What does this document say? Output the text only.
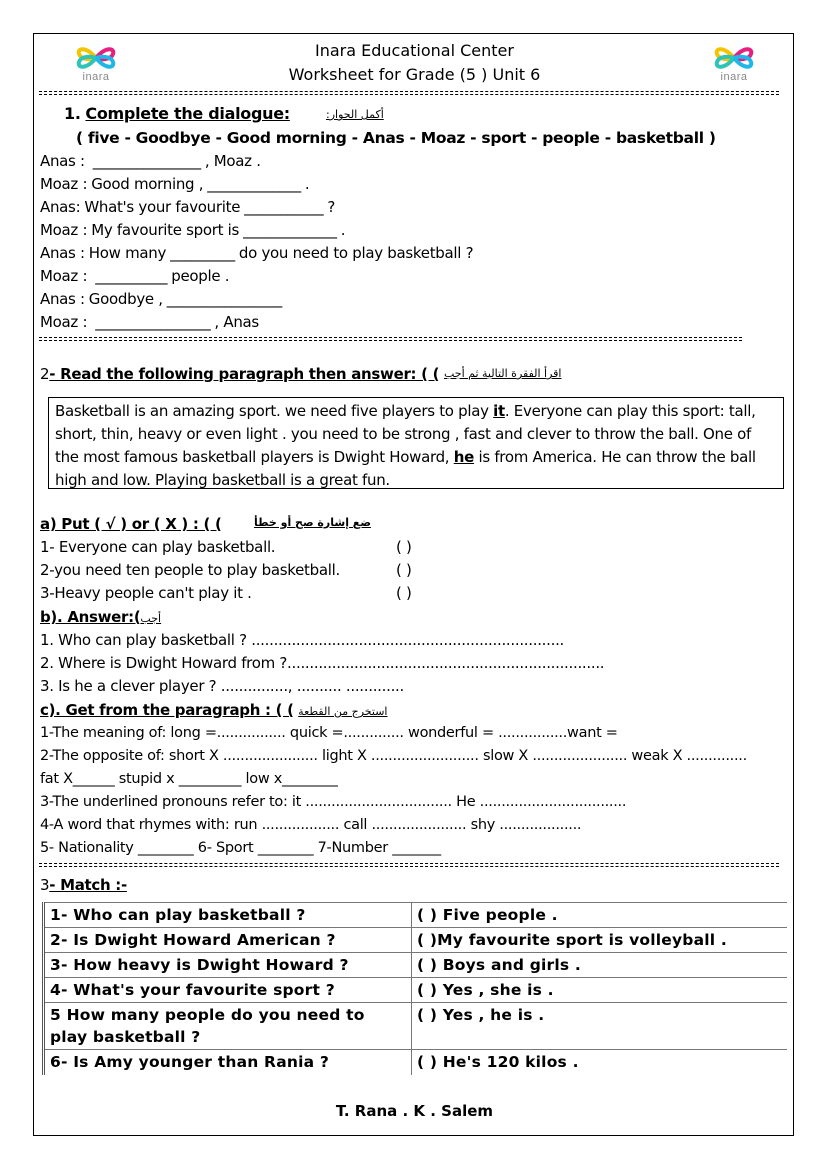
inara	inara
Inara Educational Center
Worksheet for Grade (5 ) Unit 6
1. Complete the dialogue:	أكمل الحوار:
( five - Goodbye - Good morning - Anas - Moaz - sport - people - basketball )
Anas : _______________ , Moaz .
Moaz : Good morning , _____________ .
Anas: What's your favourite ___________ ?
Moaz : My favourite sport is _____________ .
Anas : How many _________ do you need to play basketball ?
Moaz : __________ people .
Anas : Goodbye , ________________
Moaz : ________________ , Anas
2- Read the following paragraph then answer: ( ( اقرأ الفقرة التالية ثم أجب
Basketball is an amazing sport. we need five players to play it. Everyone can play this sport: tall, short, thin, heavy or even light . you need to be strong , fast and clever to throw the ball. One of the most famous basketball players is Dwight Howard, he is from America. He can throw the ball high and low. Playing basketball is a great fun.
a) Put ( √ ) or ( X ) : ( (	ضع إشارة صح أو خطأ
1- Everyone can play basketball.	( )
2-you need ten people to play basketball.	( )
3-Heavy people can't play it .	( )
b). Answer:(أجب
1. Who can play basketball ? ......................................................................
2. Where is Dwight Howard from ?.......................................................................
3. Is he a clever player ? ..............., .......... .............
c). Get from the paragraph : ( ( استخرج من القطعة
1-The meaning of: long =................ quick =.............. wonderful = ................want =
2-The opposite of: short X ...................... light X ......................... slow X ...................... weak X ..............
fat X______ stupid x _________ low x________
3-The underlined pronouns refer to: it .................................. He ..................................
4-A word that rhymes with: run .................. call ...................... shy ...................
5- Nationality ________ 6- Sport ________ 7-Number _______
3- Match :-
1- Who can play basketball ?	( ) Five people .
2- Is Dwight Howard American ?	( )My favourite sport is volleyball .
3- How heavy is Dwight Howard ?	( ) Boys and girls .
4- What's your favourite sport ?	( ) Yes , she is .
5 How many people do you need to play basketball ?	( ) Yes , he is .
6- Is Amy younger than Rania ?	( ) He's 120 kilos .
T. Rana . K . Salem
